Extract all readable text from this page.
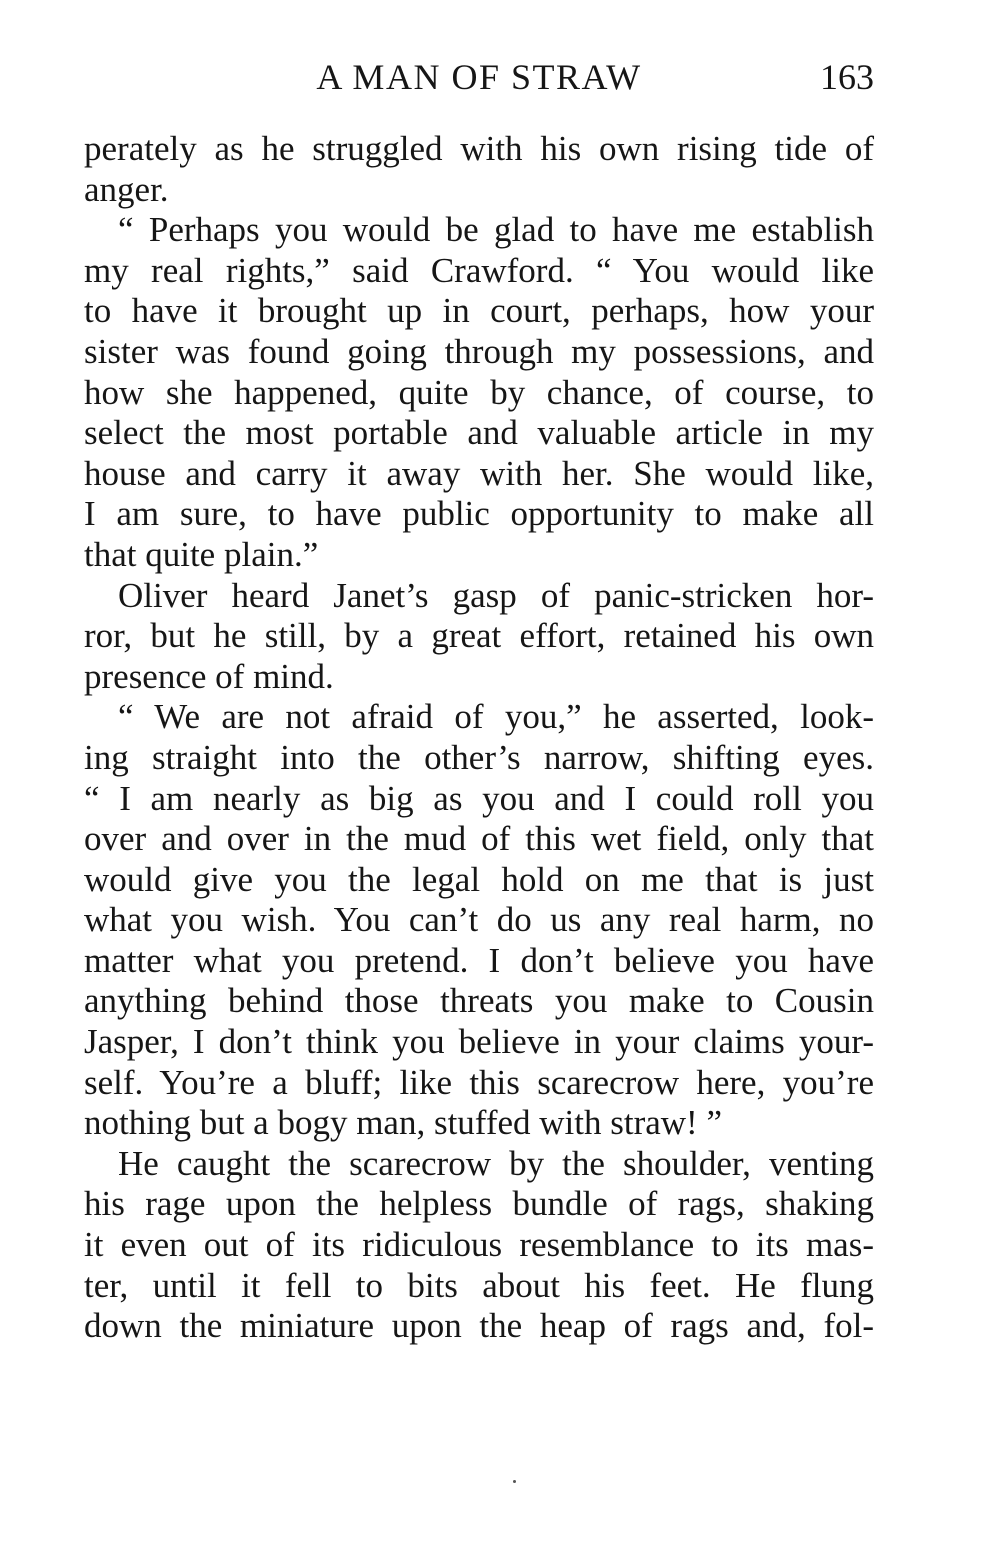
A MAN OF STRAW	163
perately as he struggled with his own rising tide of
anger.
“ Perhaps you would be glad to have me establish
my real rights,” said Crawford. “ You would like
to have it brought up in court, perhaps, how your
sister was found going through my possessions, and
how she happened, quite by chance, of course, to
select the most portable and valuable article in my
house and carry it away with her. She would like,
I am sure, to have public opportunity to make all
that quite plain.”
Oliver heard Janet’s gasp of panic-stricken hor-
ror, but he still, by a great effort, retained his own
presence of mind.
“ We are not afraid of you,” he asserted, look-
ing straight into the other’s narrow, shifting eyes.
“ I am nearly as big as you and I could roll you
over and over in the mud of this wet field, only that
would give you the legal hold on me that is just
what you wish. You can’t do us any real harm, no
matter what you pretend. I don’t believe you have
anything behind those threats you make to Cousin
Jasper, I don’t think you believe in your claims your-
self. You’re a bluff; like this scarecrow here, you’re
nothing but a bogy man, stuffed with straw! ”
He caught the scarecrow by the shoulder, venting
his rage upon the helpless bundle of rags, shaking
it even out of its ridiculous resemblance to its mas-
ter, until it fell to bits about his feet. He flung
down the miniature upon the heap of rags and, fol-
